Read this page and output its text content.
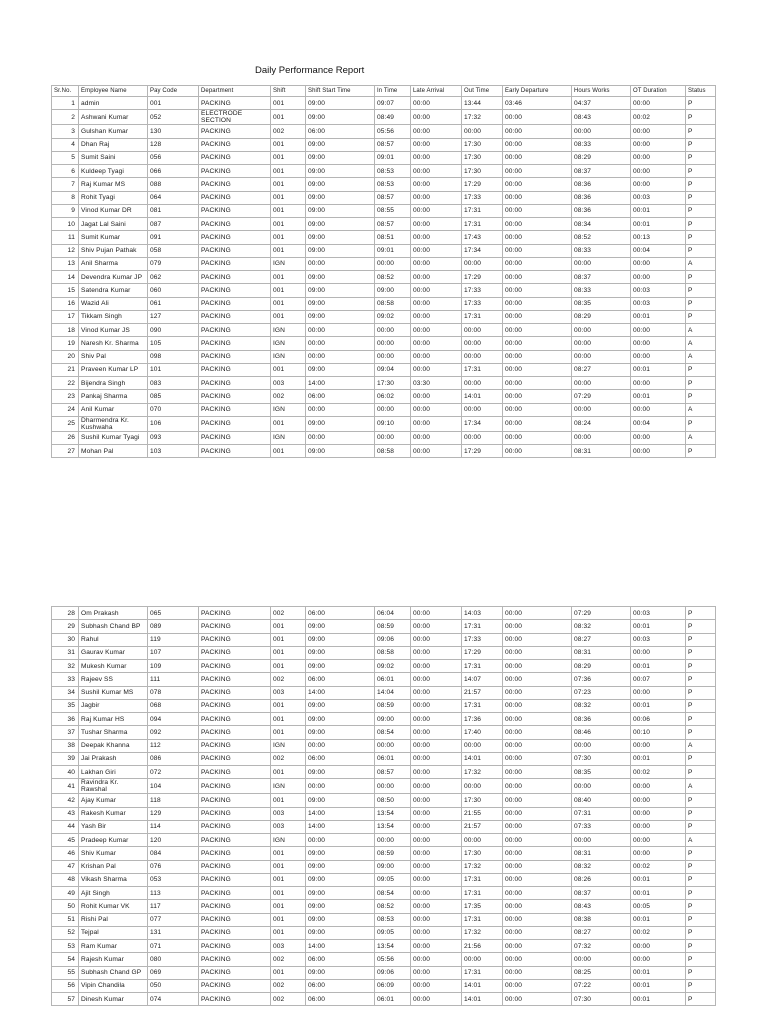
Daily Performance Report
Sr.No.	Employee Name	Pay Code	Department	Shift	Shift Start Time	In Time	Late Arrival	Out Time	Early Departure	Hours Works	OT Duration	Status
1	admin	001	PACKING	001	09:00	09:07	00:00	13:44	03:46	04:37	00:00	P
2	Ashwani Kumar	052	ELECTRODE SECTION	001	09:00	08:49	00:00	17:32	00:00	08:43	00:02	P
3	Gulshan Kumar	130	PACKING	002	06:00	05:56	00:00	00:00	00:00	00:00	00:00	P
4	Dhan Raj	128	PACKING	001	09:00	08:57	00:00	17:30	00:00	08:33	00:00	P
5	Sumit Saini	056	PACKING	001	09:00	09:01	00:00	17:30	00:00	08:29	00:00	P
6	Kuldeep Tyagi	066	PACKING	001	09:00	08:53	00:00	17:30	00:00	08:37	00:00	P
7	Raj Kumar MS	088	PACKING	001	09:00	08:53	00:00	17:29	00:00	08:36	00:00	P
8	Rohit Tyagi	064	PACKING	001	09:00	08:57	00:00	17:33	00:00	08:36	00:03	P
9	Vinod Kumar DR	081	PACKING	001	09:00	08:55	00:00	17:31	00:00	08:36	00:01	P
10	Jagat Lal Saini	087	PACKING	001	09:00	08:57	00:00	17:31	00:00	08:34	00:01	P
11	Sumit Kumar	091	PACKING	001	09:00	08:51	00:00	17:43	00:00	08:52	00:13	P
12	Shiv Pujan Pathak	058	PACKING	001	09:00	09:01	00:00	17:34	00:00	08:33	00:04	P
13	Anil Sharma	079	PACKING	IGN	00:00	00:00	00:00	00:00	00:00	00:00	00:00	A
14	Devendra Kumar JP	062	PACKING	001	09:00	08:52	00:00	17:29	00:00	08:37	00:00	P
15	Satendra Kumar	060	PACKING	001	09:00	09:00	00:00	17:33	00:00	08:33	00:03	P
16	Wazid Ali	061	PACKING	001	09:00	08:58	00:00	17:33	00:00	08:35	00:03	P
17	Tikkam Singh	127	PACKING	001	09:00	09:02	00:00	17:31	00:00	08:29	00:01	P
18	Vinod Kumar JS	090	PACKING	IGN	00:00	00:00	00:00	00:00	00:00	00:00	00:00	A
19	Naresh Kr. Sharma	105	PACKING	IGN	00:00	00:00	00:00	00:00	00:00	00:00	00:00	A
20	Shiv Pal	098	PACKING	IGN	00:00	00:00	00:00	00:00	00:00	00:00	00:00	A
21	Praveen Kumar LP	101	PACKING	001	09:00	09:04	00:00	17:31	00:00	08:27	00:01	P
22	Bijendra Singh	083	PACKING	003	14:00	17:30	03:30	00:00	00:00	00:00	00:00	P
23	Pankaj Sharma	085	PACKING	002	06:00	06:02	00:00	14:01	00:00	07:29	00:01	P
24	Anil Kumar	070	PACKING	IGN	00:00	00:00	00:00	00:00	00:00	00:00	00:00	A
25	Dharmendra Kr. Kushwaha	106	PACKING	001	09:00	09:10	00:00	17:34	00:00	08:24	00:04	P
26	Sushil Kumar Tyagi	093	PACKING	IGN	00:00	00:00	00:00	00:00	00:00	00:00	00:00	A
27	Mohan Pal	103	PACKING	001	09:00	08:58	00:00	17:29	00:00	08:31	00:00	P
28	Om Prakash	065	PACKING	002	06:00	06:04	00:00	14:03	00:00	07:29	00:03	P
29	Subhash Chand BP	089	PACKING	001	09:00	08:59	00:00	17:31	00:00	08:32	00:01	P
30	Rahul	119	PACKING	001	09:00	09:06	00:00	17:33	00:00	08:27	00:03	P
31	Gaurav Kumar	107	PACKING	001	09:00	08:58	00:00	17:29	00:00	08:31	00:00	P
32	Mukesh Kumar	109	PACKING	001	09:00	09:02	00:00	17:31	00:00	08:29	00:01	P
33	Rajeev SS	111	PACKING	002	06:00	06:01	00:00	14:07	00:00	07:36	00:07	P
34	Sushil Kumar MS	078	PACKING	003	14:00	14:04	00:00	21:57	00:00	07:23	00:00	P
35	Jagbir	068	PACKING	001	09:00	08:59	00:00	17:31	00:00	08:32	00:01	P
36	Raj Kumar HS	094	PACKING	001	09:00	09:00	00:00	17:36	00:00	08:36	00:06	P
37	Tushar Sharma	092	PACKING	001	09:00	08:54	00:00	17:40	00:00	08:46	00:10	P
38	Deepak Khanna	112	PACKING	IGN	00:00	00:00	00:00	00:00	00:00	00:00	00:00	A
39	Jai Prakash	086	PACKING	002	06:00	06:01	00:00	14:01	00:00	07:30	00:01	P
40	Lakhan Giri	072	PACKING	001	09:00	08:57	00:00	17:32	00:00	08:35	00:02	P
41	Ravindra Kr. Rawshal	104	PACKING	IGN	00:00	00:00	00:00	00:00	00:00	00:00	00:00	A
42	Ajay Kumar	118	PACKING	001	09:00	08:50	00:00	17:30	00:00	08:40	00:00	P
43	Rakesh Kumar	129	PACKING	003	14:00	13:54	00:00	21:55	00:00	07:31	00:00	P
44	Yash Bir	114	PACKING	003	14:00	13:54	00:00	21:57	00:00	07:33	00:00	P
45	Pradeep Kumar	120	PACKING	IGN	00:00	00:00	00:00	00:00	00:00	00:00	00:00	A
46	Shiv Kumar	084	PACKING	001	09:00	08:59	00:00	17:30	00:00	08:31	00:00	P
47	Krishan Pal	076	PACKING	001	09:00	09:00	00:00	17:32	00:00	08:32	00:02	P
48	Vikash Sharma	053	PACKING	001	09:00	09:05	00:00	17:31	00:00	08:26	00:01	P
49	Ajit Singh	113	PACKING	001	09:00	08:54	00:00	17:31	00:00	08:37	00:01	P
50	Rohit Kumar VK	117	PACKING	001	09:00	08:52	00:00	17:35	00:00	08:43	00:05	P
51	Rishi Pal	077	PACKING	001	09:00	08:53	00:00	17:31	00:00	08:38	00:01	P
52	Tejpal	131	PACKING	001	09:00	09:05	00:00	17:32	00:00	08:27	00:02	P
53	Ram Kumar	071	PACKING	003	14:00	13:54	00:00	21:56	00:00	07:32	00:00	P
54	Rajesh Kumar	080	PACKING	002	06:00	05:56	00:00	00:00	00:00	00:00	00:00	P
55	Subhash Chand GP	069	PACKING	001	09:00	09:06	00:00	17:31	00:00	08:25	00:01	P
56	Vipin Chandila	050	PACKING	002	06:00	06:09	00:00	14:01	00:00	07:22	00:01	P
57	Dinesh Kumar	074	PACKING	002	06:00	06:01	00:00	14:01	00:00	07:30	00:01	P
